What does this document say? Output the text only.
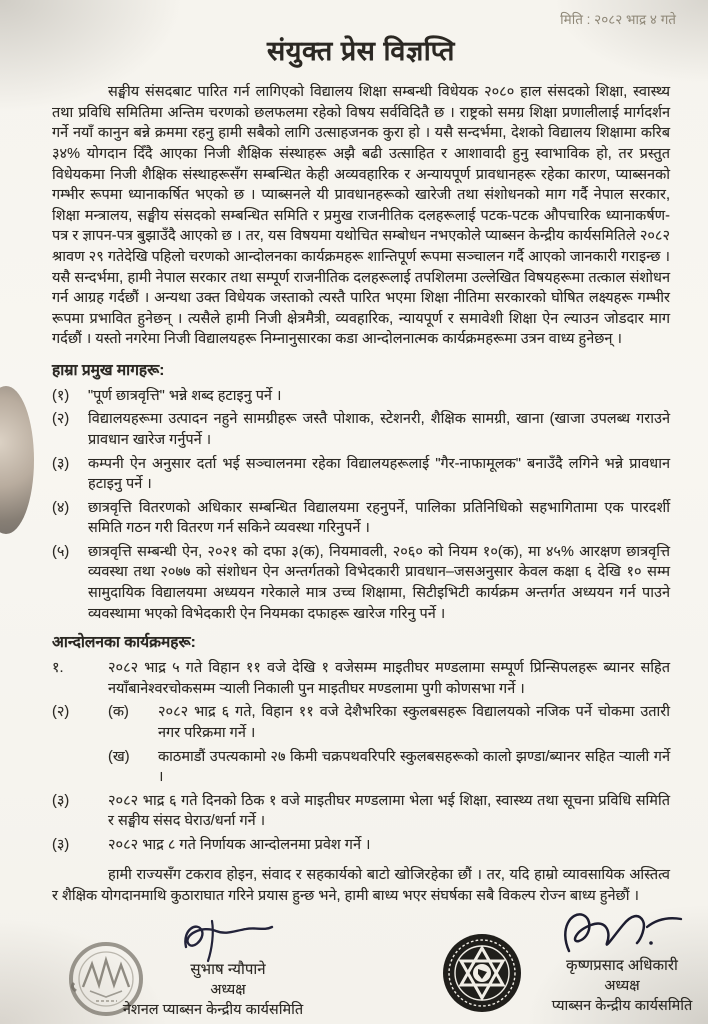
मिति : २०८२ भाद्र ४ गते
संयुक्त प्रेस विज्ञप्ति

सङ्घीय संसदबाट पारित गर्न लागिएको विद्यालय शिक्षा सम्बन्धी विधेयक २०८० हाल संसदको शिक्षा, स्वास्थ्य तथा प्रविधि समितिमा अन्तिम चरणको छलफलमा रहेको विषय सर्वविदितै छ । राष्ट्रको समग्र शिक्षा प्रणालीलाई मार्गदर्शन गर्ने नयाँ कानुन बन्ने क्रममा रहनु हामी सबैको लागि उत्साहजनक कुरा हो । यसै सन्दर्भमा, देशको विद्यालय शिक्षामा करिब ३४% योगदान दिँदै आएका निजी शैक्षिक संस्थाहरू अझै बढी उत्साहित र आशावादी हुनु स्वाभाविक हो, तर प्रस्तुत विधेयकमा निजी शैक्षिक संस्थाहरूसँग सम्बन्धित केही अव्यवहारिक र अन्यायपूर्ण प्रावधानहरू रहेका कारण, प्याब्सनको गम्भीर रूपमा ध्यानाकर्षित भएको छ । प्याब्सनले यी प्रावधानहरूको खारेजी तथा संशोधनको माग गर्दै नेपाल सरकार, शिक्षा मन्त्रालय, सङ्घीय संसदको सम्बन्धित समिति र प्रमुख राजनीतिक दलहरूलाई पटक-पटक औपचारिक ध्यानाकर्षण-पत्र र ज्ञापन-पत्र बुझाउँदै आएको छ । तर, यस विषयमा यथोचित सम्बोधन नभएकोले प्याब्सन केन्द्रीय कार्यसमितिले २०८२ श्रावण २९ गतेदेखि पहिलो चरणको आन्दोलनका कार्यक्रमहरू शान्तिपूर्ण रूपमा सञ्चालन गर्दै आएको जानकारी गराइन्छ । यसै सन्दर्भमा, हामी नेपाल सरकार तथा सम्पूर्ण राजनीतिक दलहरूलाई तपशिलमा उल्लेखित विषयहरूमा तत्काल संशोधन गर्न आग्रह गर्दछौं । अन्यथा उक्त विधेयक जस्ताको त्यस्तै पारित भएमा शिक्षा नीतिमा सरकारको घोषित लक्ष्यहरू गम्भीर रूपमा प्रभावित हुनेछन् । त्यसैले हामी निजी क्षेत्रमैत्री, व्यवहारिक, न्यायपूर्ण र समावेशी शिक्षा ऐन ल्याउन जोडदार माग गर्दछौं । यस्तो नगरेमा निजी विद्यालयहरू निम्नानुसारका कडा आन्दोलनात्मक कार्यक्रमहरूमा उत्रन वाध्य हुनेछन् ।

हाम्रा प्रमुख मागहरू:
(१)	"पूर्ण छात्रवृत्ति" भन्ने शब्द हटाइनु पर्ने ।
(२)	विद्यालयहरूमा उत्पादन नहुने सामग्रीहरू जस्तै पोशाक, स्टेशनरी, शैक्षिक सामग्री, खाना (खाजा उपलब्ध गराउने प्रावधान खारेज गर्नुपर्ने ।
(३)	कम्पनी ऐन अनुसार दर्ता भई सञ्चालनमा रहेका विद्यालयहरूलाई "गैर-नाफामूलक" बनाउँदै लगिने भन्ने प्रावधान हटाइनु पर्ने ।
(४)	छात्रवृत्ति वितरणको अधिकार सम्बन्धित विद्यालयमा रहनुपर्ने, पालिका प्रतिनिधिको सहभागितामा एक पारदर्शी समिति गठन गरी वितरण गर्न सकिने व्यवस्था गरिनुपर्ने ।
(५)	छात्रवृत्ति सम्बन्धी ऐन, २०२१ को दफा ३(क), नियमावली, २०६० को नियम १०(क), मा ४५% आरक्षण छात्रवृत्ति व्यवस्था तथा २०७७ को संशोधन ऐन अन्तर्गतको विभेदकारी प्रावधान–जसअनुसार केवल कक्षा ६ देखि १० सम्म सामुदायिक विद्यालयमा अध्ययन गरेकाले मात्र उच्च शिक्षामा, सिटीइभिटी कार्यक्रम अन्तर्गत अध्ययन गर्न पाउने व्यवस्थामा भएको विभेदकारी ऐन नियमका दफाहरू खारेज गरिनु पर्ने ।
आन्दोलनका कार्यक्रमहरू:
१.	२०८२ भाद्र ५ गते विहान ११ वजे देखि १ वजेसम्म माइतीघर मण्डलामा सम्पूर्ण प्रिन्सिपलहरू ब्यानर सहित नयाँबानेश्वरचोकसम्म ऱ्याली निकाली पुन माइतीघर मण्डलामा पुगी कोणसभा गर्ने ।
(२)	(क)	२०८२ भाद्र ६ गते, विहान ११ वजे देशैभरिका स्कुलबसहरू विद्यालयको नजिक पर्ने चोकमा उतारी नगर परिक्रमा गर्ने ।
(ख)	काठमाडौं उपत्यकामो २७ किमी चक्रपथवरिपरि स्कुलबसहरूको कालो झण्डा/ब्यानर सहित ऱ्याली गर्ने ।
(३)	२०८२ भाद्र ६ गते दिनको ठिक १ वजे माइतीघर मण्डलामा भेला भई शिक्षा, स्वास्थ्य तथा सूचना प्रविधि समिति र सङ्घीय संसद घेराउ/धर्ना गर्ने ।
(३)	२०८२ भाद्र ८ गते निर्णायक आन्दोलनमा प्रवेश गर्ने ।

हामी राज्यसँग टकराव होइन, संवाद र सहकार्यको बाटो खोजिरहेका छौं । तर, यदि हाम्रो व्यावसायिक अस्तित्व र शैक्षिक योगदानमाथि कुठाराघात गरिने प्रयास हुन्छ भने, हामी बाध्य भएर संघर्षका सबै विकल्प रोज्न बाध्य हुनेछौं ।

सुभाष न्यौपाने
अध्यक्ष
नेशनल प्याब्सन केन्द्रीय कार्यसमिति
कृष्णप्रसाद अधिकारी
अध्यक्ष
प्याब्सन केन्द्रीय कार्यसमिति
